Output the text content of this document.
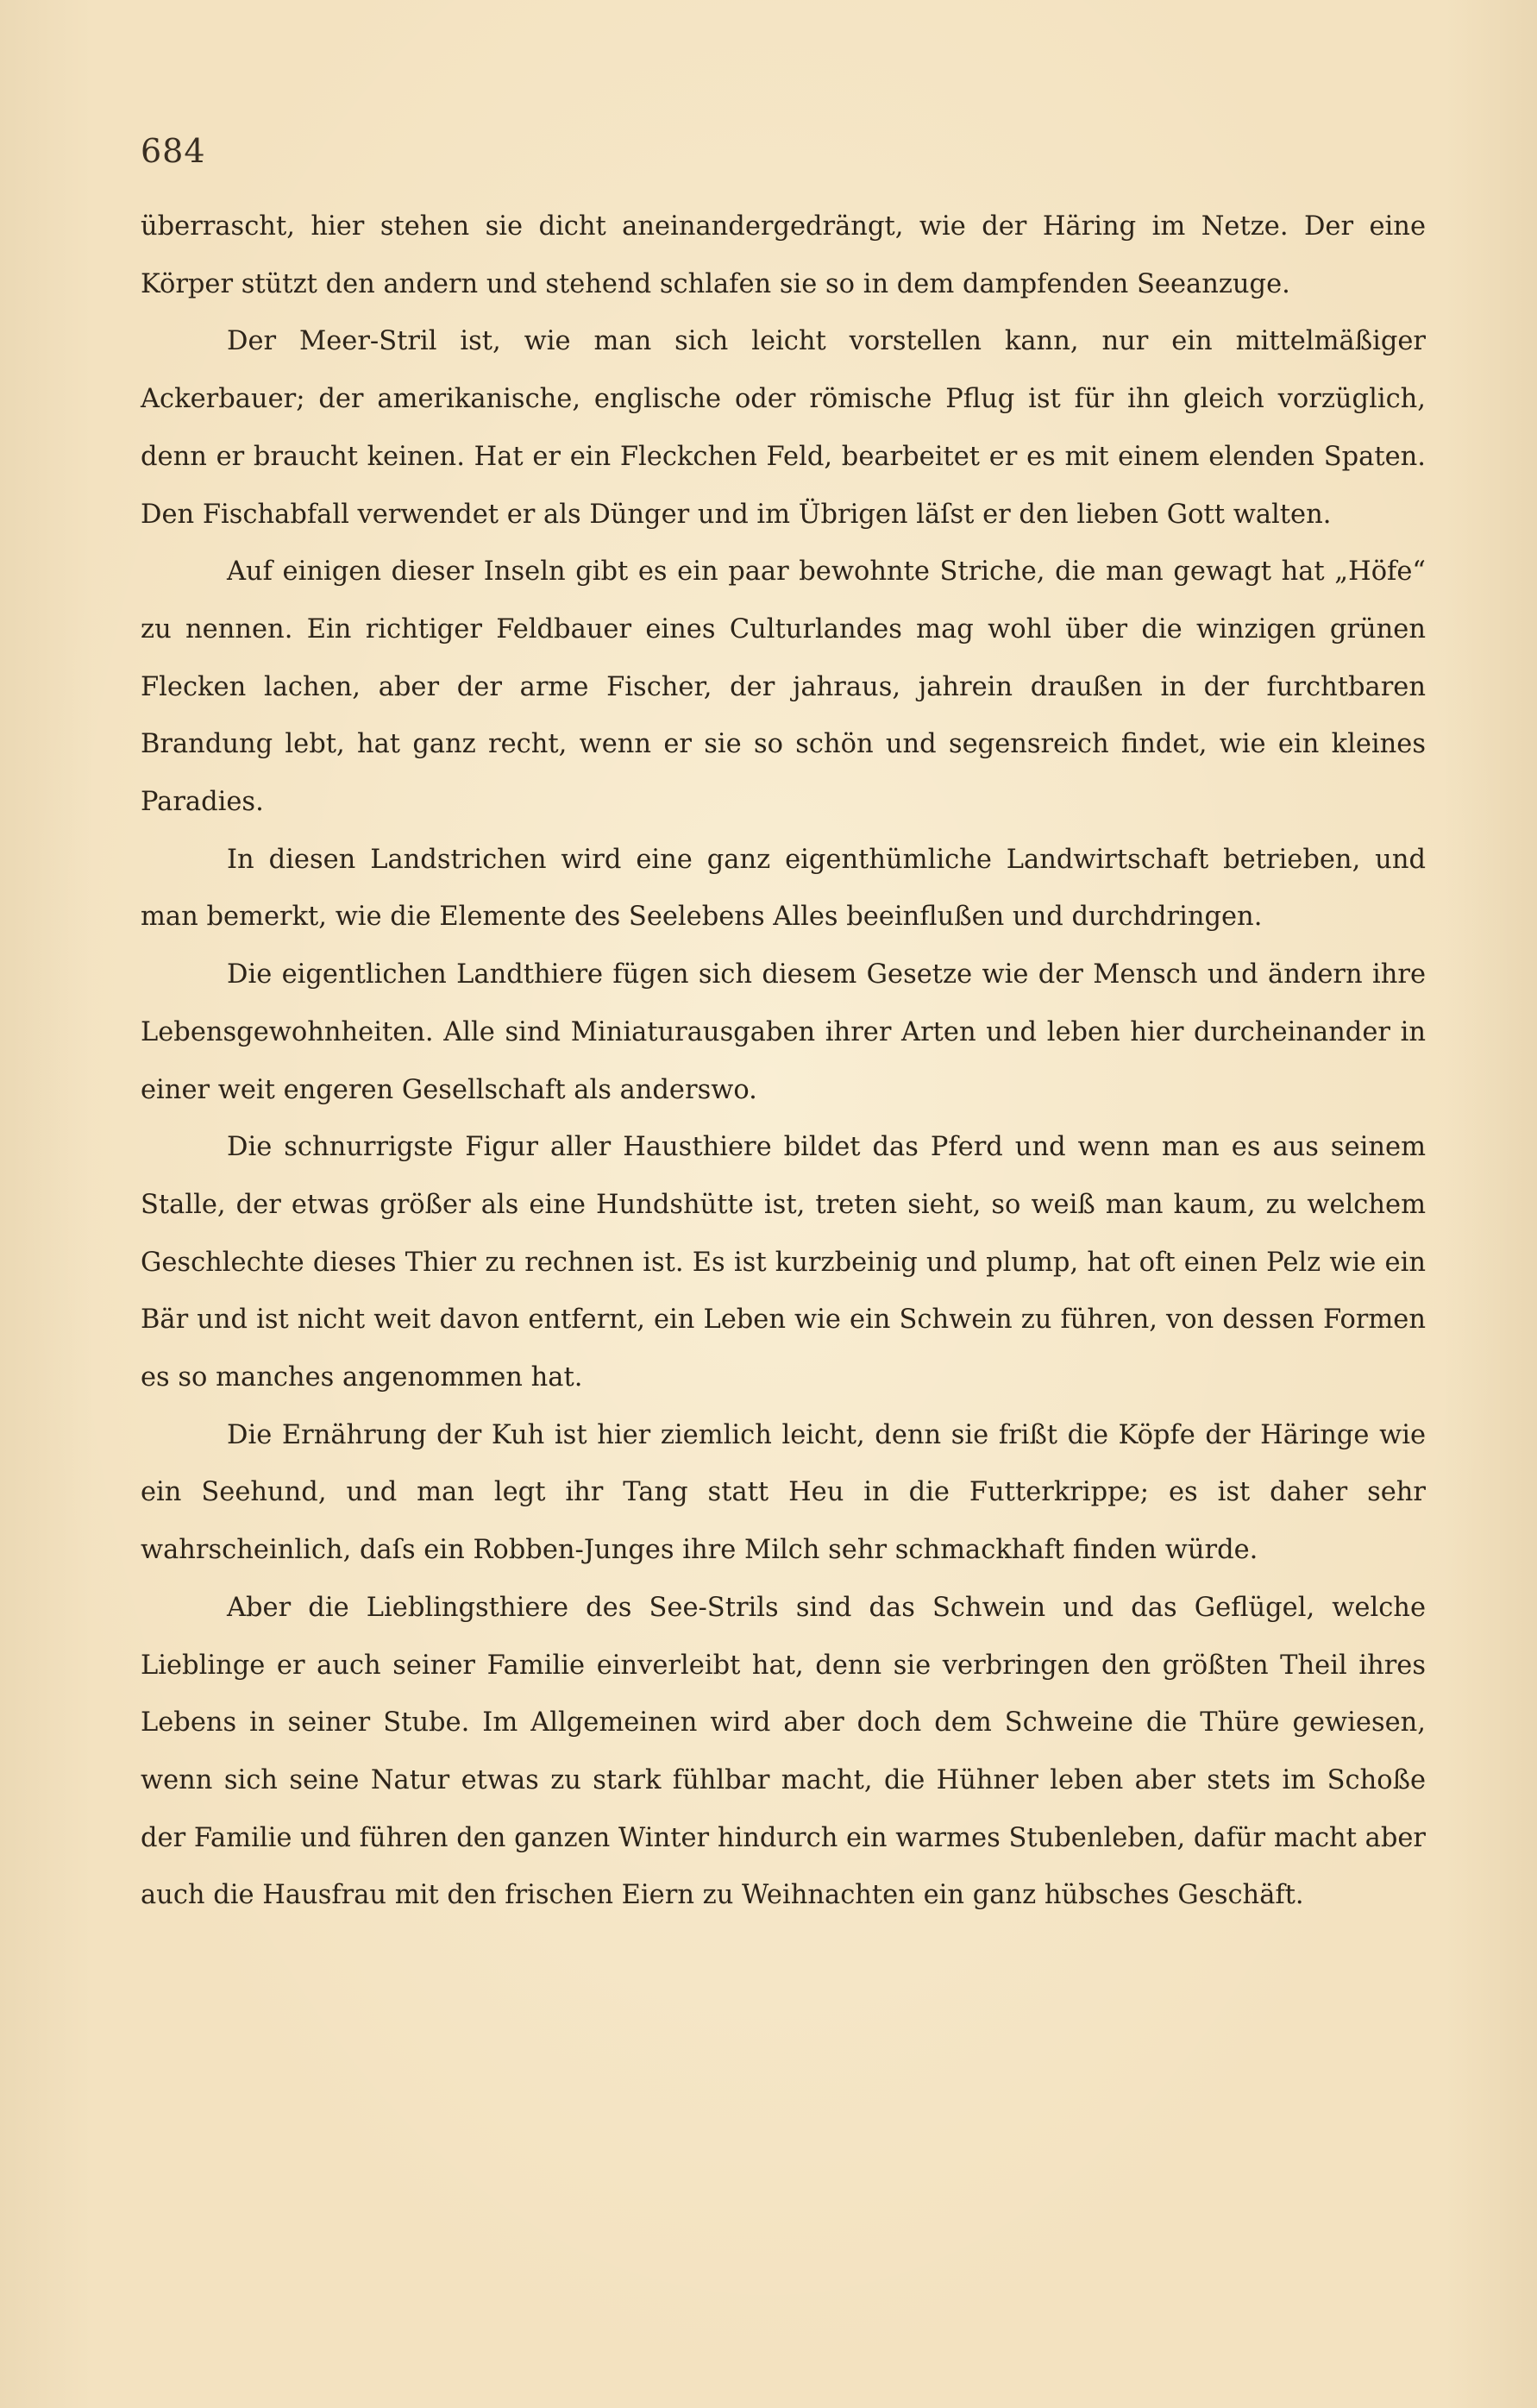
684

überrascht, hier stehen sie dicht aneinandergedrängt, wie der Häring im Netze. Der eine Körper stützt den andern und stehend schlafen sie so in dem dampfenden Seeanzuge.

Der Meer-Stril ist, wie man sich leicht vorstellen kann, nur ein mittelmäßiger Ackerbauer; der amerikanische, englische oder römische Pflug ist für ihn gleich vorzüglich, denn er braucht keinen. Hat er ein Fleckchen Feld, bearbeitet er es mit einem elenden Spaten. Den Fischabfall verwendet er als Dünger und im Übrigen läſst er den lieben Gott walten.

Auf einigen dieser Inseln gibt es ein paar bewohnte Striche, die man gewagt hat „Höfe“ zu nennen. Ein richtiger Feldbauer eines Culturlandes mag wohl über die winzigen grünen Flecken lachen, aber der arme Fischer, der jahraus, jahrein draußen in der furchtbaren Brandung lebt, hat ganz recht, wenn er sie so schön und segensreich findet, wie ein kleines Paradies.

In diesen Landstrichen wird eine ganz eigenthümliche Landwirtschaft betrieben, und man bemerkt, wie die Elemente des Seelebens Alles beeinflußen und durchdringen.

Die eigentlichen Landthiere fügen sich diesem Gesetze wie der Mensch und ändern ihre Lebensgewohnheiten. Alle sind Miniaturausgaben ihrer Arten und leben hier durcheinander in einer weit engeren Gesellschaft als anderswo.

Die schnurrigste Figur aller Hausthiere bildet das Pferd und wenn man es aus seinem Stalle, der etwas größer als eine Hundshütte ist, treten sieht, so weiß man kaum, zu welchem Geschlechte dieses Thier zu rechnen ist. Es ist kurzbeinig und plump, hat oft einen Pelz wie ein Bär und ist nicht weit davon entfernt, ein Leben wie ein Schwein zu führen, von dessen Formen es so manches angenommen hat.

Die Ernährung der Kuh ist hier ziemlich leicht, denn sie frißt die Köpfe der Häringe wie ein Seehund, und man legt ihr Tang statt Heu in die Futterkrippe; es ist daher sehr wahrscheinlich, daſs ein Robben-Junges ihre Milch sehr schmackhaft finden würde.

Aber die Lieblingsthiere des See-Strils sind das Schwein und das Geflügel, welche Lieblinge er auch seiner Familie einverleibt hat, denn sie verbringen den größten Theil ihres Lebens in seiner Stube. Im Allgemeinen wird aber doch dem Schweine die Thüre gewiesen, wenn sich seine Natur etwas zu stark fühlbar macht, die Hühner leben aber stets im Schoße der Familie und führen den ganzen Winter hindurch ein warmes Stubenleben, dafür macht aber auch die Hausfrau mit den frischen Eiern zu Weihnachten ein ganz hübsches Geschäft.
